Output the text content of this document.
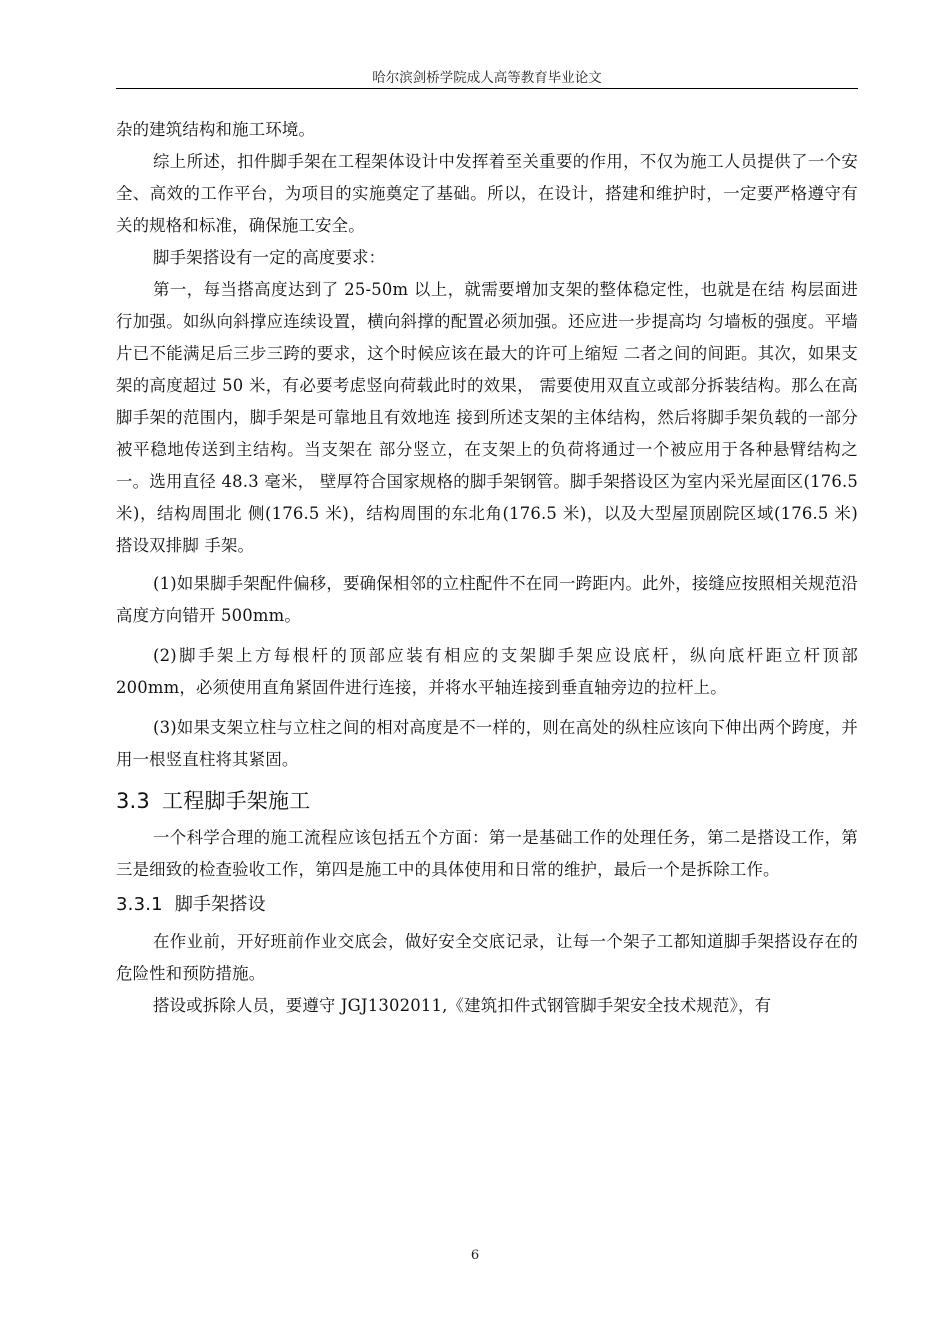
哈尔滨剑桥学院成人高等教育毕业论文

杂的建筑结构和施工环境。

综上所述，扣件脚手架在工程架体设计中发挥着至关重要的作用，不仅为施工人员提供了一个安全、高效的工作平台，为项目的实施奠定了基础。所以，在设计，搭建和维护时，一定要严格遵守有关的规格和标准，确保施工安全。

脚手架搭设有一定的高度要求：

第一，每当搭高度达到了 25-50m 以上，就需要增加支架的整体稳定性，也就是在结 构层面进行加强。如纵向斜撑应连续设置，横向斜撑的配置必须加强。还应进一步提高均 匀墙板的强度。平墙片已不能满足后三步三跨的要求，这个时候应该在最大的许可上缩短 二者之间的间距。其次，如果支架的高度超过 50 米，有必要考虑竖向荷载此时的效果， 需要使用双直立或部分拆装结构。那么在高脚手架的范围内，脚手架是可靠地且有效地连 接到所述支架的主体结构，然后将脚手架负载的一部分被平稳地传送到主结构。当支架在 部分竖立，在支架上的负荷将通过一个被应用于各种悬臂结构之一。选用直径 48.3 毫米， 壁厚符合国家规格的脚手架钢管。脚手架搭设区为室内采光屋面区(176.5 米)，结构周围北 侧(176.5 米)，结构周围的东北角(176.5 米)，以及大型屋顶剧院区域(176.5 米)搭设双排脚 手架。

(1)如果脚手架配件偏移，要确保相邻的立柱配件不在同一跨距内。此外，接缝应按照相关规范沿高度方向错开 500mm。

(2)脚手架上方每根杆的顶部应装有相应的支架脚手架应设底杆，纵向底杆距立杆顶部 200mm，必须使用直角紧固件进行连接，并将水平轴连接到垂直轴旁边的拉杆上。

(3)如果支架立柱与立柱之间的相对高度是不一样的，则在高处的纵柱应该向下伸出两个跨度，并用一根竖直柱将其紧固。

3.3 工程脚手架施工

一个科学合理的施工流程应该包括五个方面：第一是基础工作的处理任务，第二是搭设工作，第三是细致的检查验收工作，第四是施工中的具体使用和日常的维护，最后一个是拆除工作。

3.3.1 脚手架搭设

在作业前，开好班前作业交底会，做好安全交底记录，让每一个架子工都知道脚手架搭设存在的危险性和预防措施。

搭设或拆除人员，要遵守 JGJ1302011,《建筑扣件式钢管脚手架安全技术规范》，有

6
